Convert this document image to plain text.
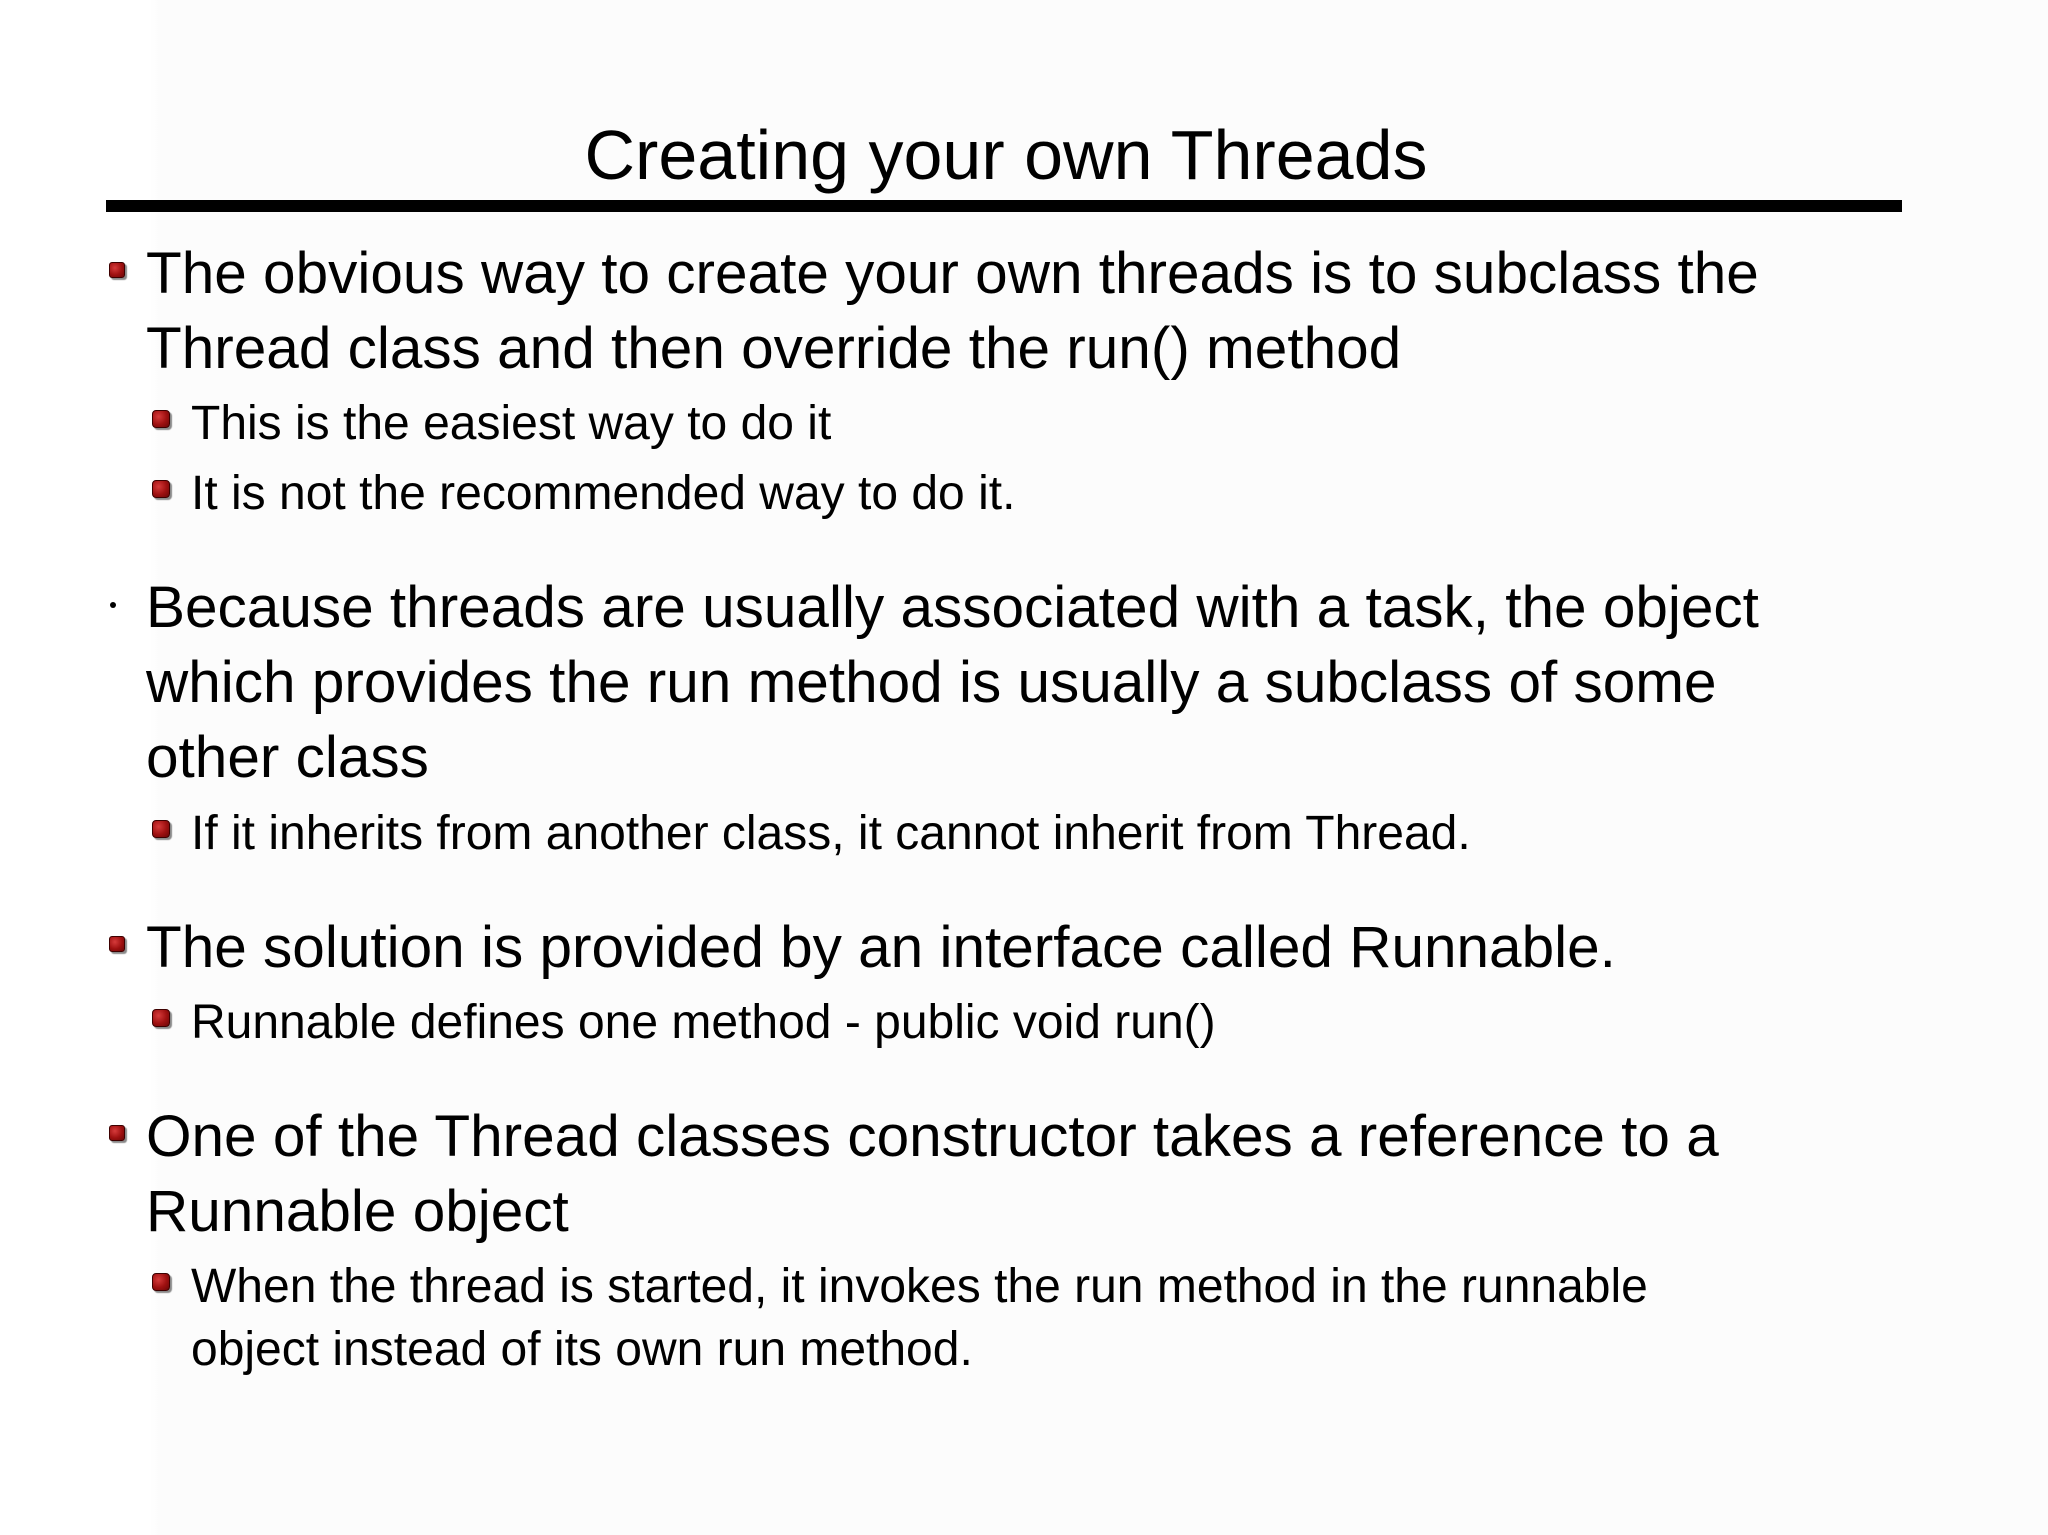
Creating your own Threads
The obvious way to create your own threads is to subclass the
Thread class and then override the run() method
This is the easiest way to do it
It is not the recommended way to do it.
Because threads are usually associated with a task, the object
which provides the run method is usually a subclass of some
other class
If it inherits from another class, it cannot inherit from Thread.
The solution is provided by an interface called Runnable.
Runnable defines one method - public void run()
One of the Thread classes constructor takes a reference to a
Runnable object
When the thread is started, it invokes the run method in the runnable
object instead of its own run method.
